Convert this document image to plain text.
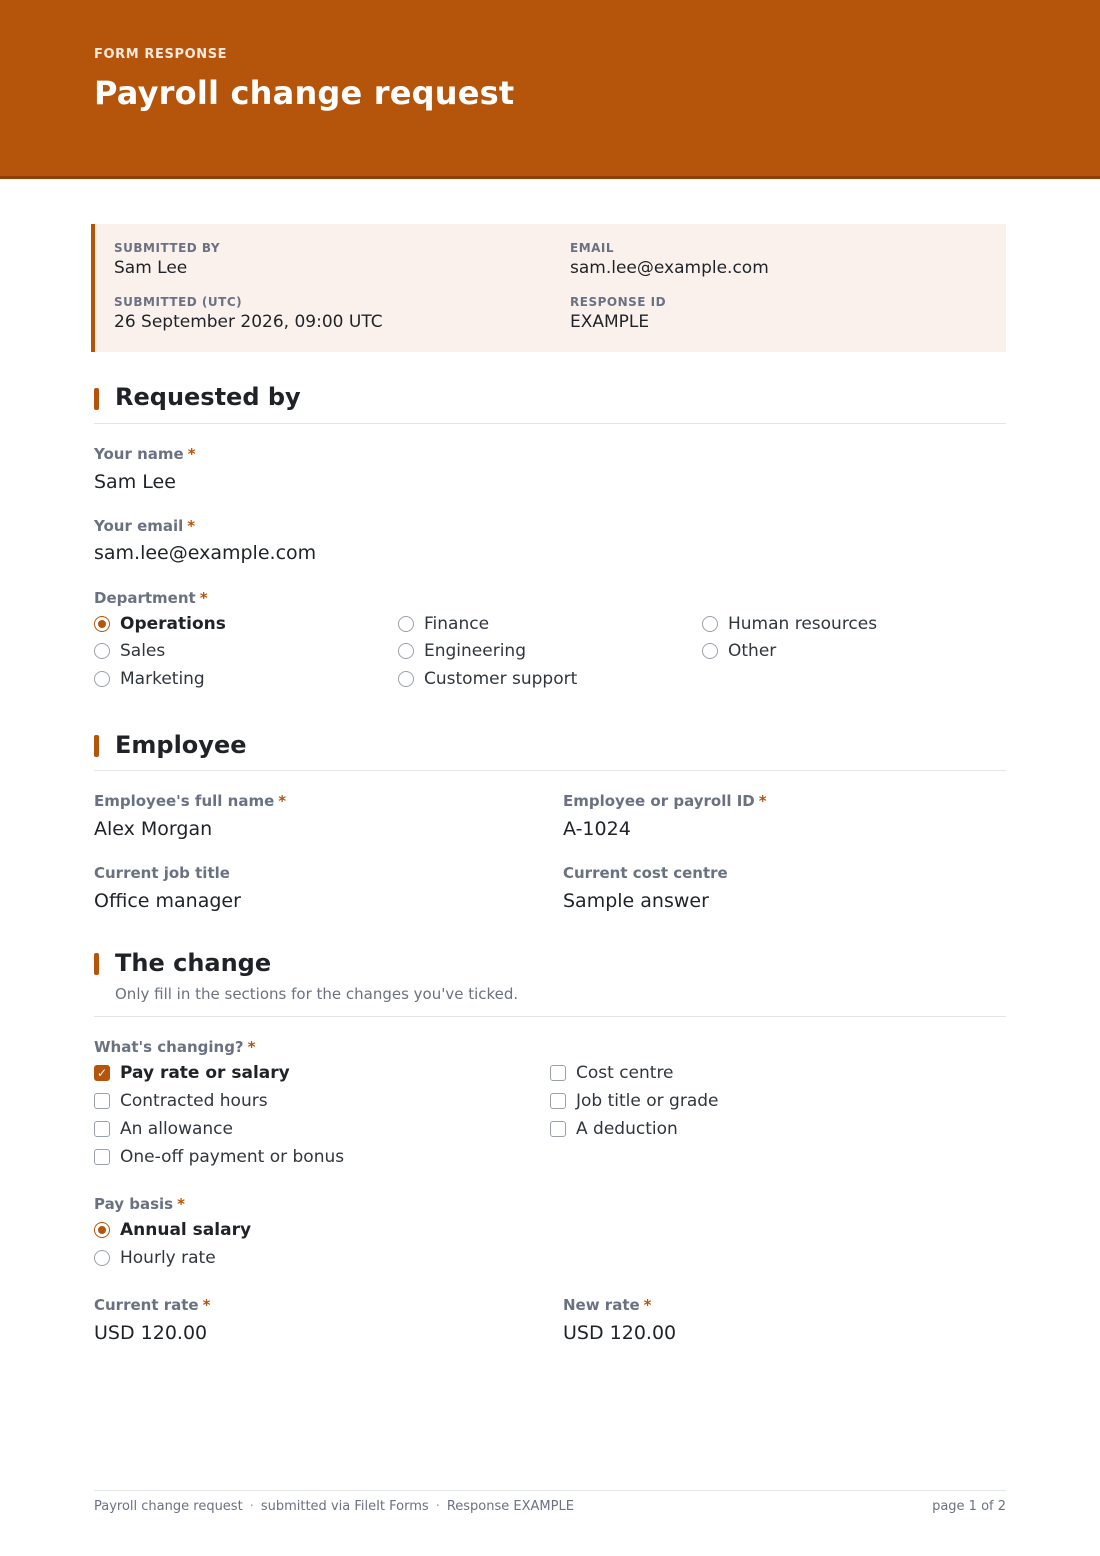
FORM RESPONSE
Payroll change request
SUBMITTED BY
Sam Lee
EMAIL
sam.lee@example.com
SUBMITTED (UTC)
26 September 2026, 09:00 UTC
RESPONSE ID
EXAMPLE
Requested by
Your name *
Sam Lee
Your email *
sam.lee@example.com
Department *
Operations
Sales
Marketing
Finance
Engineering
Customer support
Human resources
Other
Employee
Employee's full name *
Alex Morgan
Employee or payroll ID *
A-1024
Current job title
Office manager
Current cost centre
Sample answer
The change
Only fill in the sections for the changes you've ticked.
What's changing? *
✓ Pay rate or salary
Contracted hours
An allowance
One-off payment or bonus
Cost centre
Job title or grade
A deduction
Pay basis *
Annual salary
Hourly rate
Current rate *
USD 120.00
New rate *
USD 120.00
Payroll change request · submitted via FileIt Forms · Response EXAMPLE	page 1 of 2
